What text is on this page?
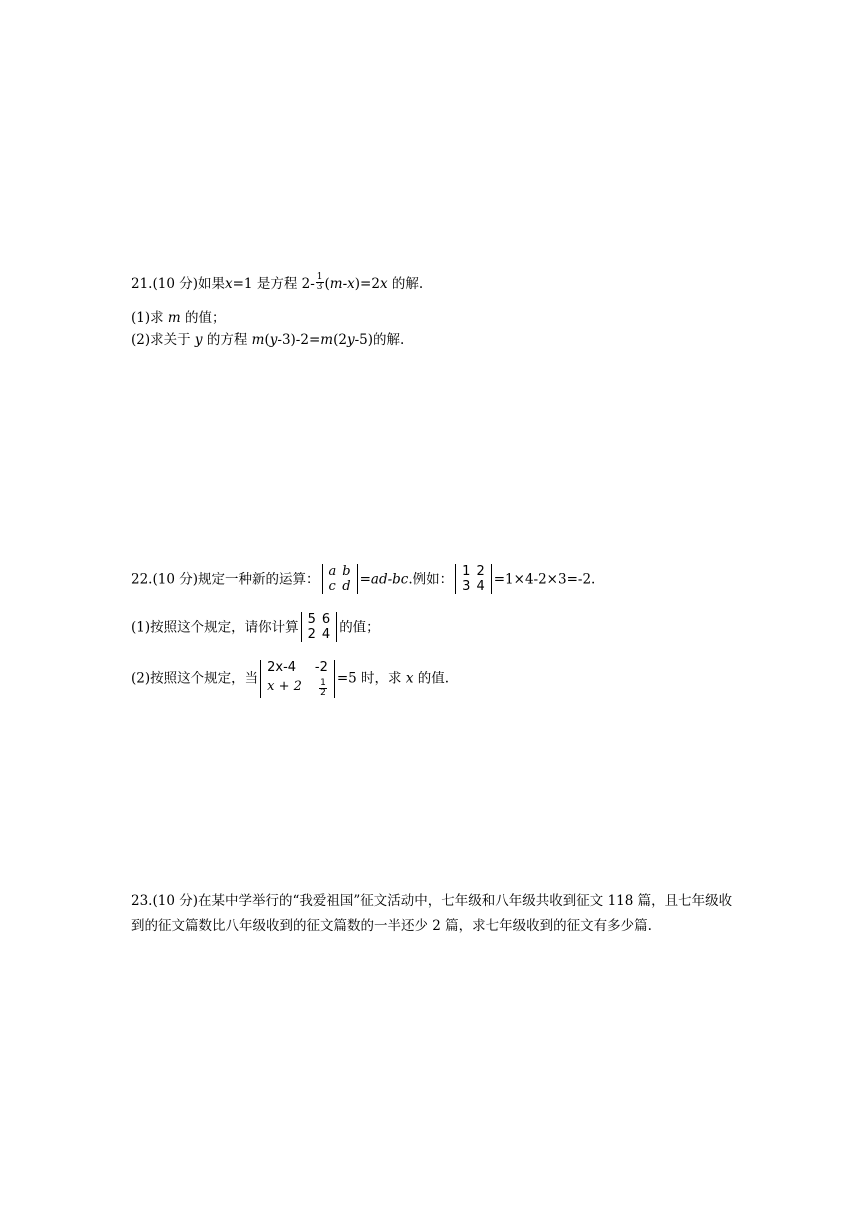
21.(10 分)如果x=1 是方程 $2- \frac{1}{3} (m-x)=2x$ 的解.
(1)求 m 的值；
(2)求关于 y 的方程 m(y-3)-2=m(2y-5)的解.
22.(10 分)规定一种新的运算： a	b
c	d =ad-bc.例如： 1	2
3	4 =1×4-2×3=-2.
(1)按照这个规定，请你计算 5	6
2	4 的值；
(2)按照这个规定，当
2x-4	-2
x + 2	$\frac{1}{2}$
=5 时，求 x 的值.
23.(10 分)在某中学举行的“我爱祖国”征文活动中，七年级和八年级共收到征文 118 篇，且七年级收到的征文篇数比八年级收到的征文篇数的一半还少 2 篇，求七年级收到的征文有多少篇.
